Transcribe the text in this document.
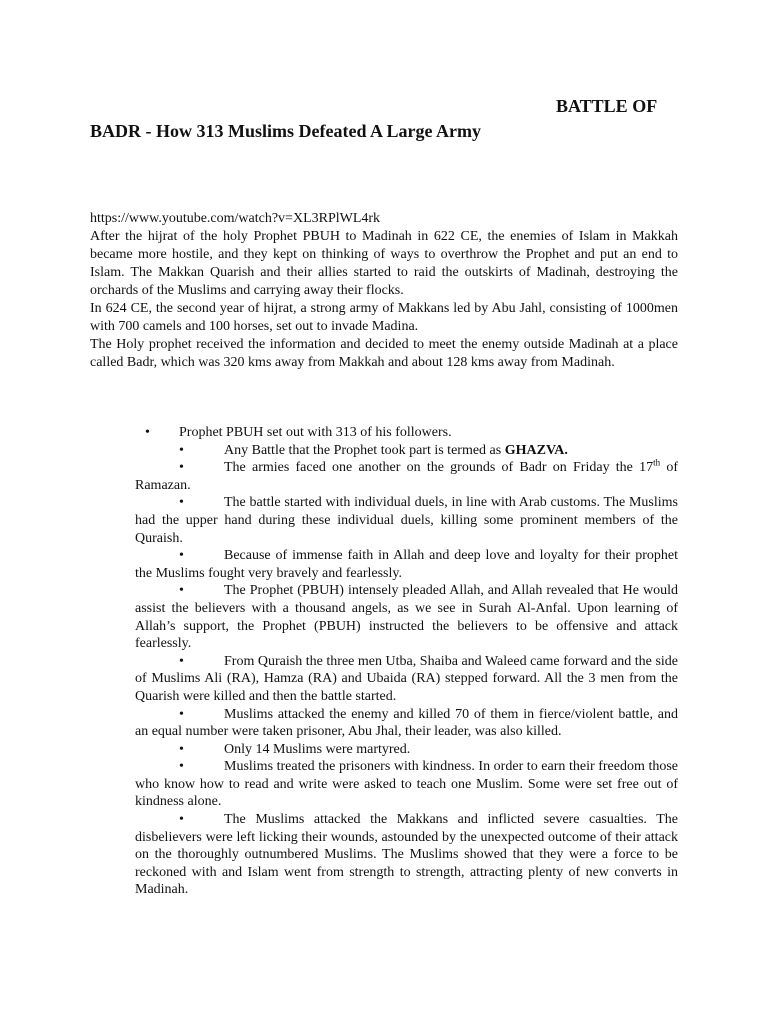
BATTLE OF
BADR - How 313 Muslims Defeated A Large Army
https://www.youtube.com/watch?v=XL3RPlWL4rk

After the hijrat of the holy Prophet PBUH to Madinah in 622 CE, the enemies of Islam in Makkah became more hostile, and they kept on thinking of ways to overthrow the Prophet and put an end to Islam. The Makkan Quarish and their allies started to raid the outskirts of Madinah, destroying the orchards of the Muslims and carrying away their flocks.

In 624 CE, the second year of hijrat, a strong army of Makkans led by Abu Jahl, consisting of 1000men with 700 camels and 100 horses, set out to invade Madina.

The Holy prophet received the information and decided to meet the enemy outside Madinah at a place called Badr, which was 320 kms away from Makkah and about 128 kms away from Madinah.

• Prophet PBUH set out with 313 of his followers.

•	Any Battle that the Prophet took part is termed as GHAZVA.

•	The armies faced one another on the grounds of Badr on Friday the 17th of Ramazan.

•	The battle started with individual duels, in line with Arab customs. The Muslims had the upper hand during these individual duels, killing some prominent members of the Quraish.

•	Because of immense faith in Allah and deep love and loyalty for their prophet the Muslims fought very bravely and fearlessly.

•	The Prophet (PBUH) intensely pleaded Allah, and Allah revealed that He would assist the believers with a thousand angels, as we see in Surah Al-Anfal. Upon learning of Allah’s support, the Prophet (PBUH) instructed the believers to be offensive and attack fearlessly.

•	From Quraish the three men Utba, Shaiba and Waleed came forward and the side of Muslims Ali (RA), Hamza (RA) and Ubaida (RA) stepped forward. All the 3 men from the Quarish were killed and then the battle started.

•	Muslims attacked the enemy and killed 70 of them in fierce/violent battle, and an equal number were taken prisoner, Abu Jhal, their leader, was also killed.

•	Only 14 Muslims were martyred.

•	Muslims treated the prisoners with kindness. In order to earn their freedom those who know how to read and write were asked to teach one Muslim. Some were set free out of kindness alone.

•	The Muslims attacked the Makkans and inflicted severe casualties. The disbelievers were left licking their wounds, astounded by the unexpected outcome of their attack on the thoroughly outnumbered Muslims. The Muslims showed that they were a force to be reckoned with and Islam went from strength to strength, attracting plenty of new converts in Madinah.
